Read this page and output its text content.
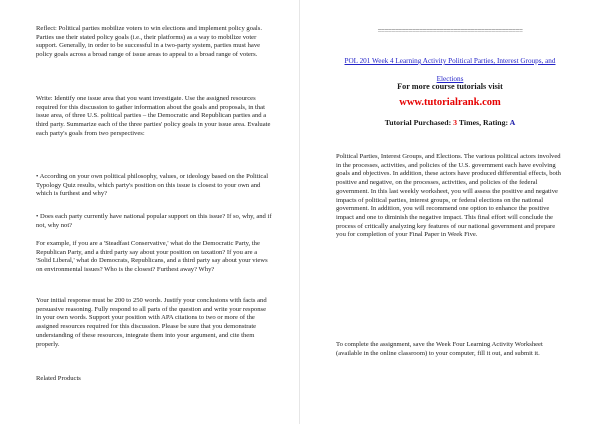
Reflect: Political parties mobilize voters to win elections and implement policy goals. Parties use their stated policy goals (i.e., their platforms) as a way to mobilize voter support. Generally, in order to be successful in a two-party system, parties must have policy goals across a broad range of issue areas to appeal to a broad range of voters.

Write: Identify one issue area that you want investigate. Use the assigned resources required for this discussion to gather information about the goals and proposals, in that issue area, of three U.S. political parties – the Democratic and Republican parties and a third party. Summarize each of the three parties' policy goals in your issue area. Evaluate each party's goals from two perspectives:

• According on your own political philosophy, values, or ideology based on the Political Typology Quiz results, which party's position on this issue is closest to your own and which is furthest and why?

• Does each party currently have national popular support on this issue? If so, why, and if not, why not?

For example, if you are a 'Steadfast Conservative,' what do the Democratic Party, the Republican Party, and a third party say about your position on taxation? If you are a 'Solid Liberal,' what do Democrats, Republicans, and a third party say about your views on environmental issues? Who is the closest? Furthest away? Why?

Your initial response must be 200 to 250 words. Justify your conclusions with facts and persuasive reasoning. Fully respond to all parts of the question and write your response in your own words. Support your position with APA citations to two or more of the assigned resources required for this discussion. Please be sure that you demonstrate understanding of these resources, integrate them into your argument, and cite them properly.

Related Products

==========================================
POL 201 Week 4 Learning Activity Political Parties, Interest Groups, and Elections
For more course tutorials visit
www.tutorialrank.com
Tutorial Purchased: 3 Times, Rating: A

Political Parties, Interest Groups, and Elections. The various political actors involved in the processes, activities, and policies of the U.S. government each have evolving goals and objectives. In addition, these actors have produced differential effects, both positive and negative, on the processes, activities, and policies of the federal government. In this last weekly worksheet, you will assess the positive and negative impacts of political parties, interest groups, or federal elections on the national government. In addition, you will recommend one option to enhance the positive impact and one to diminish the negative impact. This final effort will conclude the process of critically analyzing key features of our national government and prepare you for completion of your Final Paper in Week Five.

To complete the assignment, save the Week Four Learning Activity Worksheet (available in the online classroom) to your computer, fill it out, and submit it.
